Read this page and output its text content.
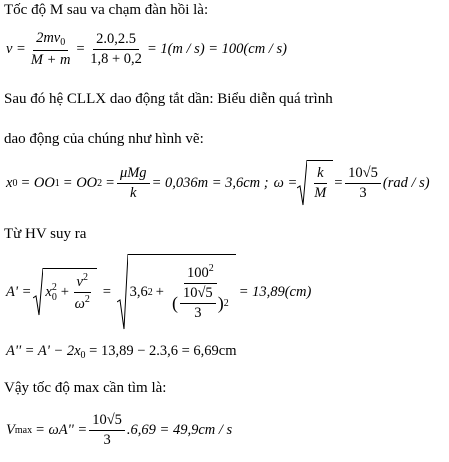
Tốc độ M sau va chạm đàn hồi là:
$v = \frac{2mv_0}{M + m} = \frac{2.0,2.5}{1,8 + 0,2} = 1(m / s) = 100(cm / s)$
Sau đó hệ CLLX dao động tắt dần: Biểu diễn quá trình
dao động của chúng như hình vẽ:
x 0 = OO 1 = OO $2 = \frac{\text{μMg}}{k} = 0,036m = 3,6cm$ ; $\omega = \frac{k}{M} = \frac{10√5}{3} (rad / s)$
Từ HV suy ra
A' = x 2
$0 + \frac{v^2}{\omega^2} = 3,6$ 2 +
$100^2$
( $\frac{10√5}{3}$ ) 2
= 13,89(cm)
$A'' = A' - 2x_0 = 13,89 - 2.3,6 = 6,69cm$
Vậy tốc độ max cần tìm là:
V $\max = \omega A'' = \frac{10√5}{3} .6,69 = 49,9cm / s$
